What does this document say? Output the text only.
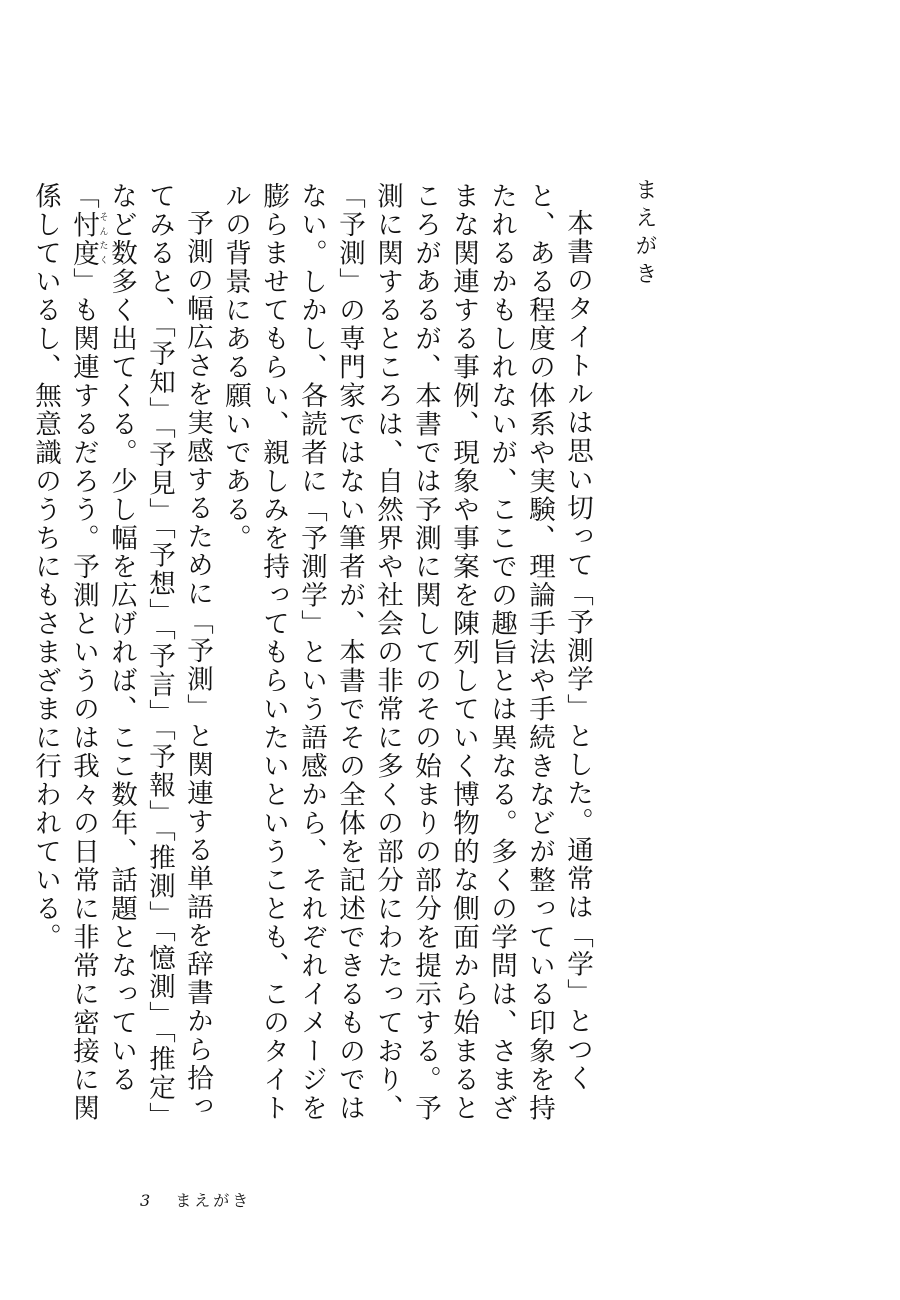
まえがき

本書のタイトルは思い切って「予測学」とした。通常は「学」とつくと、ある程度の体系や実験、理論手法や手続きなどが整っている印象を持たれるかもしれないが、ここでの趣旨とは異なる。多くの学問は、さまざまな関連する事例、現象や事案を陳列していく博物的な側面から始まるところがあるが、本書では予測に関してのその始まりの部分を提示する。予測に関するところは、自然界や社会の非常に多くの部分にわたっており、「予測」の専門家ではない筆者が、本書でその全体を記述できるものではない。しかし、各読者に「予測学」という語感から、それぞれイメージを膨らませてもらい、親しみを持ってもらいたいということも、このタイトルの背景にある願いである。

予測の幅広さを実感するために「予測」と関連する単語を辞書から拾ってみると、「予知」「予見」「予想」「予言」「予報」「推測」「憶測」「推定」など数多く出てくる。少し幅を広げれば、ここ数年、話題となっている「忖度そんたく」も関連するだろう。予測というのは我々の日常に非常に密接に関係しているし、無意識のうちにもさまざまに行われている。

3 まえがき
